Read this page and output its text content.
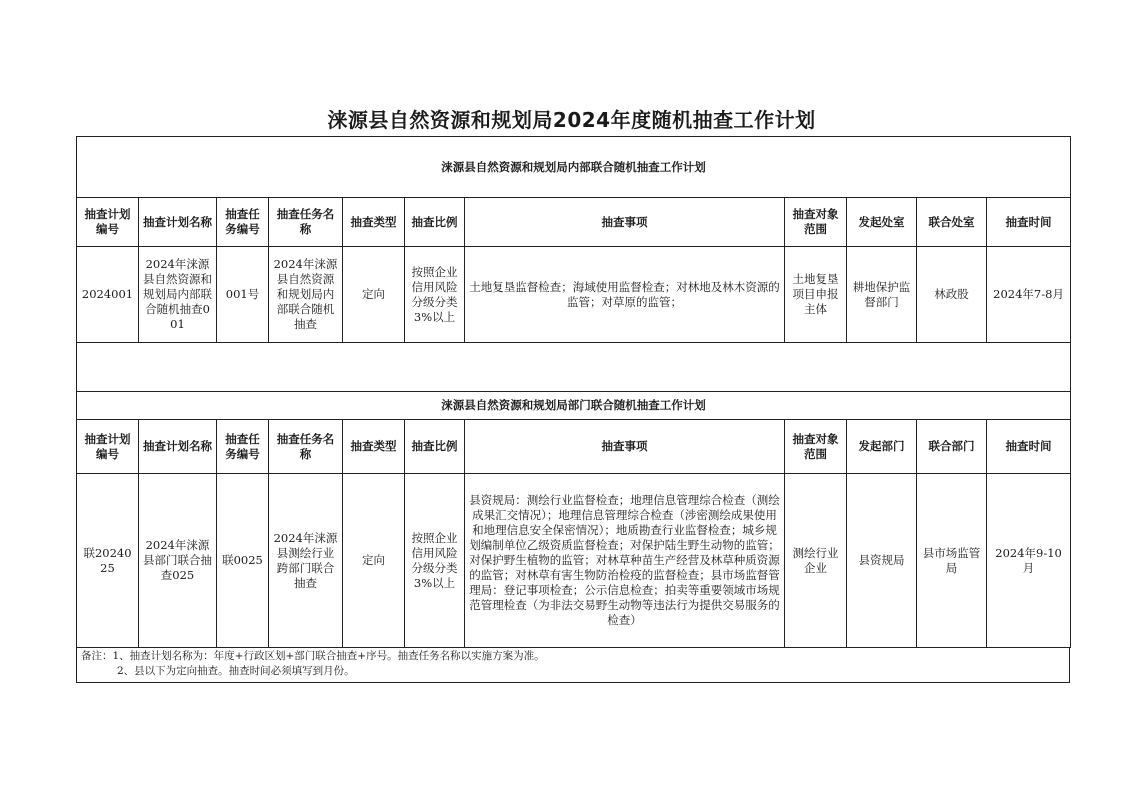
涞源县自然资源和规划局2024年度随机抽查工作计划
涞源县自然资源和规划局内部联合随机抽查工作计划										
抽查计划编号	抽查计划名称	抽查任务编号	抽查任务名称	抽查类型	抽查比例	抽查事项	抽查对象范围	发起处室	联合处室	抽查时间
2024001	2024年涞源县自然资源和规划局内部联合随机抽查001	001号	2024年涞源县自然资源和规划局内部联合随机抽查	定向	按照企业信用风险分级分类3%以上	土地复垦监督检查；海域使用监督检查；对林地及林木资源的监管；对草原的监管；	土地复垦项目申报主体	耕地保护监督部门	林政股	2024年7-8月

涞源县自然资源和规划局部门联合随机抽查工作计划										
抽查计划编号	抽查计划名称	抽查任务编号	抽查任务名称	抽查类型	抽查比例	抽查事项	抽查对象范围	发起部门	联合部门	抽查时间
联2024025	2024年涞源县部门联合抽查025	联0025	2024年涞源县测绘行业跨部门联合抽查	定向	按照企业信用风险分级分类3%以上	县资规局：测绘行业监督检查；地理信息管理综合检查（测绘成果汇交情况）；地理信息管理综合检查（涉密测绘成果使用和地理信息安全保密情况）；地质勘查行业监督检查；城乡规划编制单位乙级资质监督检查；对保护陆生野生动物的监管；对保护野生植物的监管；对林草种苗生产经营及林草种质资源的监管；对林草有害生物防治检疫的监督检查；县市场监督管理局：登记事项检查；公示信息检查；拍卖等重要领域市场规范管理检查（为非法交易野生动物等违法行为提供交易服务的检查）	测绘行业企业	县资规局	县市场监管局	2024年9-10月
备注：1、抽查计划名称为：年度+行政区划+部门联合抽查+序号。抽查任务名称以实施方案为准。
2、县以下为定向抽查。抽查时间必须填写到月份。
